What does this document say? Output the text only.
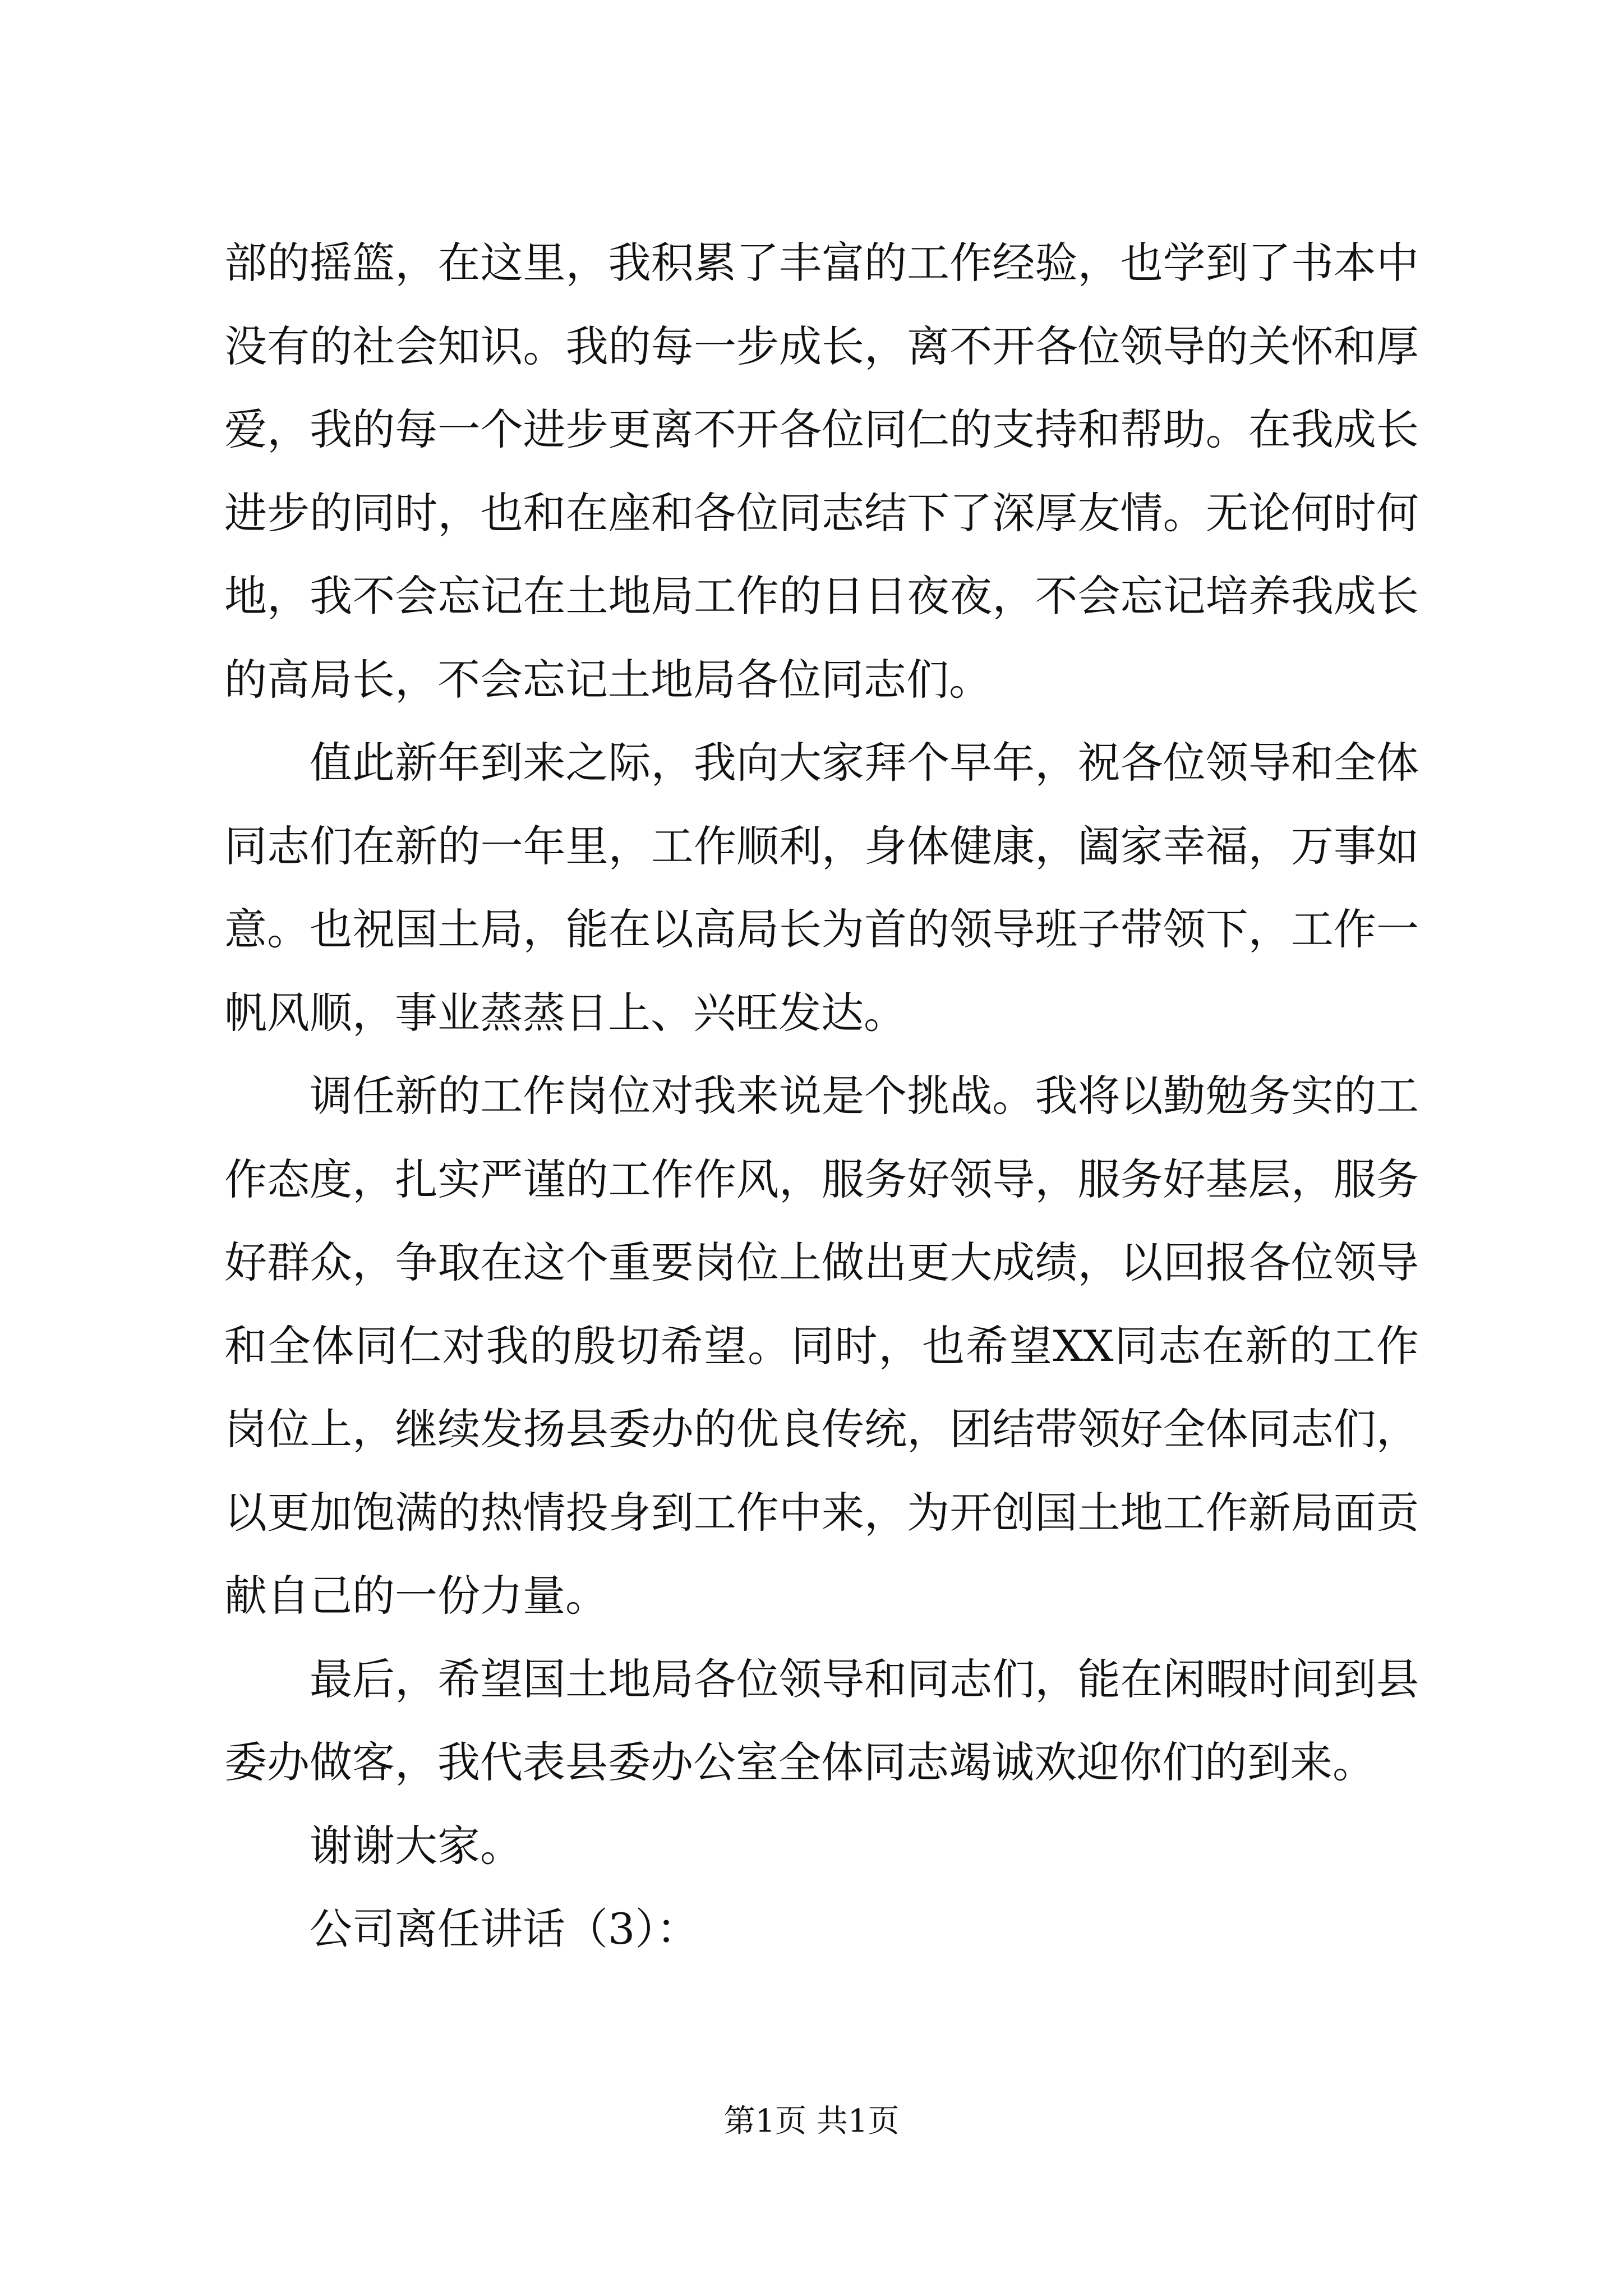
部的摇篮，在这里，我积累了丰富的工作经验，也学到了书本中没有的社会知识。我的每一步成长，离不开各位领导的关怀和厚爱，我的每一个进步更离不开各位同仁的支持和帮助。在我成长进步的同时，也和在座和各位同志结下了深厚友情。无论何时何地，我不会忘记在土地局工作的日日夜夜，不会忘记培养我成长的高局长，不会忘记土地局各位同志们。

值此新年到来之际，我向大家拜个早年，祝各位领导和全体同志们在新的一年里，工作顺利，身体健康，阖家幸福，万事如意。也祝国土局，能在以高局长为首的领导班子带领下，工作一帆风顺，事业蒸蒸日上、兴旺发达。

调任新的工作岗位对我来说是个挑战。我将以勤勉务实的工作态度，扎实严谨的工作作风，服务好领导，服务好基层，服务好群众，争取在这个重要岗位上做出更大成绩，以回报各位领导和全体同仁对我的殷切希望。同时，也希望XX同志在新的工作岗位上，继续发扬县委办的优良传统，团结带领好全体同志们，以更加饱满的热情投身到工作中来，为开创国土地工作新局面贡献自己的一份力量。

最后，希望国土地局各位领导和同志们，能在闲暇时间到县委办做客，我代表县委办公室全体同志竭诚欢迎你们的到来。

谢谢大家。

公司离任讲话（3）：

第1页 共1页
